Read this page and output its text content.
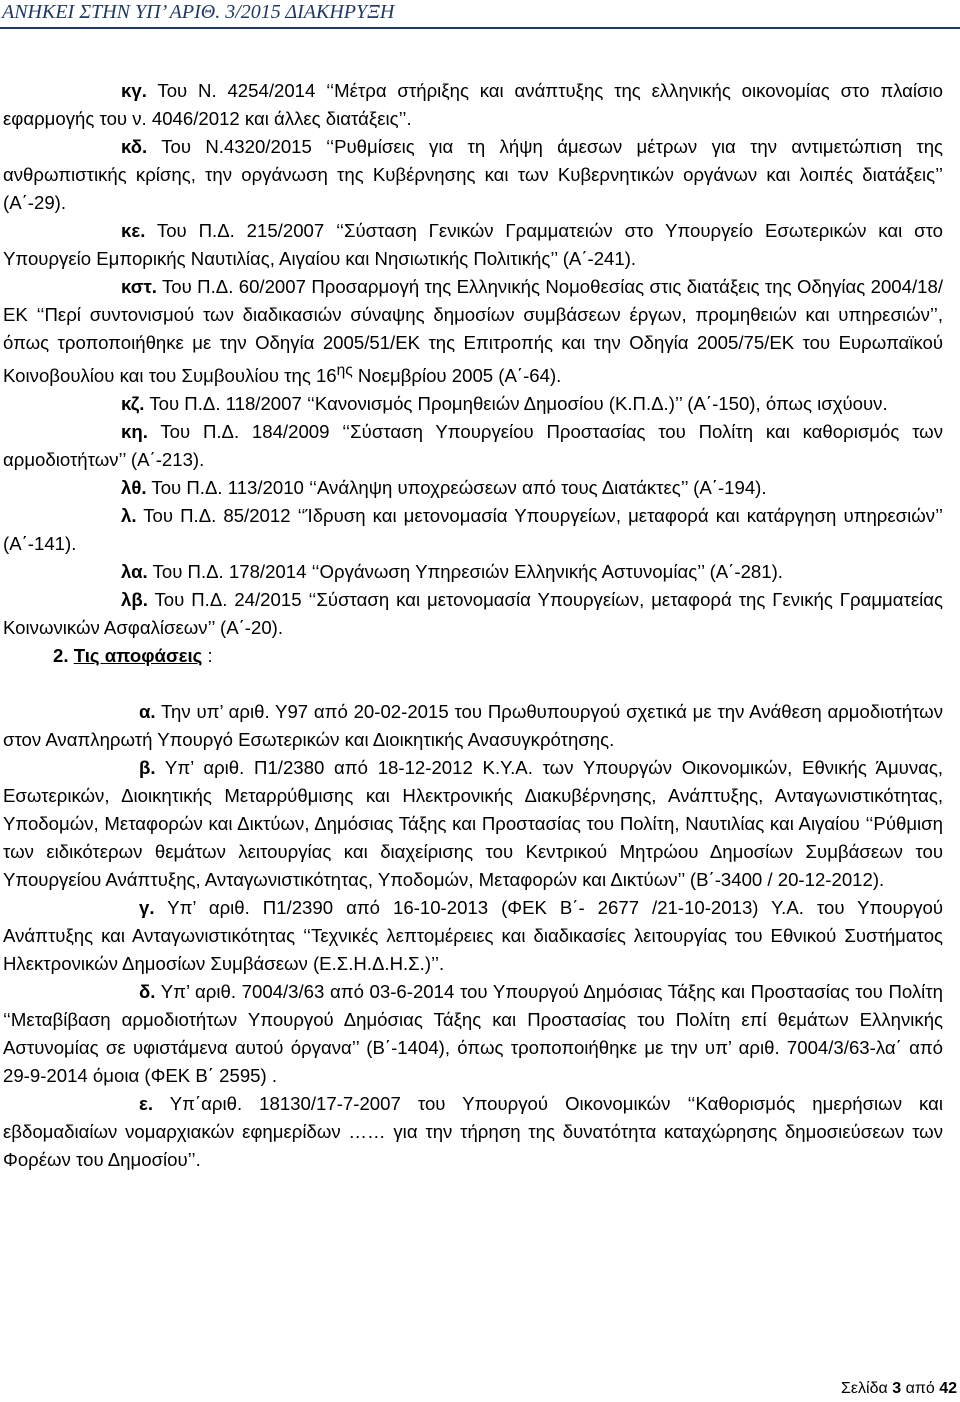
ΑΝΗΚΕΙ ΣΤΗΝ ΥΠ’ ΑΡΙΘ. 3/2015 ΔΙΑΚΗΡΥΞΗ

κγ. Του Ν. 4254/2014 ‘‘Μέτρα στήριξης και ανάπτυξης της ελληνικής οικονομίας στο πλαίσιο εφαρμογής του ν. 4046/2012 και άλλες διατάξεις’’.

κδ. Του Ν.4320/2015 ‘‘Ρυθμίσεις για τη λήψη άμεσων μέτρων για την αντιμετώπιση της ανθρωπιστικής κρίσης, την οργάνωση της Κυβέρνησης και των Κυβερνητικών οργάνων και λοιπές διατάξεις’’ (Α΄-29).

κε. Του Π.Δ. 215/2007 ‘‘Σύσταση Γενικών Γραμματειών στο Υπουργείο Εσωτερικών και στο Υπουργείο Εμπορικής Ναυτιλίας, Αιγαίου και Νησιωτικής Πολιτικής’’ (Α΄-241).

κστ. Του Π.Δ. 60/2007 Προσαρμογή της Ελληνικής Νομοθεσίας στις διατάξεις της Οδηγίας 2004/18/ΕΚ ‘‘Περί συντονισμού των διαδικασιών σύναψης δημοσίων συμβάσεων έργων, προμηθειών και υπηρεσιών’’, όπως τροποποιήθηκε με την Οδηγία 2005/51/ΕΚ της Επιτροπής και την Οδηγία 2005/75/ΕΚ του Ευρωπαϊκού Κοινοβουλίου και του Συμβουλίου της $16^{\eta\varsigma}$ Νοεμβρίου 2005 (Α΄-64).

κζ. Του Π.Δ. 118/2007 ‘‘Κανονισμός Προμηθειών Δημοσίου (Κ.Π.Δ.)’’ (Α΄-150), όπως ισχύουν.

κη. Του Π.Δ. 184/2009 ‘‘Σύσταση Υπουργείου Προστασίας του Πολίτη και καθορισμός των αρμοδιοτήτων’’ (Α΄-213).

λθ. Του Π.Δ. 113/2010 ‘‘Ανάληψη υποχρεώσεων από τους Διατάκτες’’ (Α΄-194).

λ. Του Π.Δ. 85/2012 ‘‘Ίδρυση και μετονομασία Υπουργείων, μεταφορά και κατάργηση υπηρεσιών’’ (Α΄-141).

λα. Του Π.Δ. 178/2014 ‘‘Οργάνωση Υπηρεσιών Ελληνικής Αστυνομίας’’ (Α΄-281).

λβ. Του Π.Δ. 24/2015 ‘‘Σύσταση και μετονομασία Υπουργείων, μεταφορά της Γενικής Γραμματείας Κοινωνικών Ασφαλίσεων’’ (Α΄-20).

2. Τις αποφάσεις :

α. Την υπ’ αριθ. Υ97 από 20-02-2015 του Πρωθυπουργού σχετικά με την Ανάθεση αρμοδιοτήτων στον Αναπληρωτή Υπουργό Εσωτερικών και Διοικητικής Ανασυγκρότησης.

β. Υπ’ αριθ. Π1/2380 από 18-12-2012 Κ.Υ.Α. των Υπουργών Οικονομικών, Εθνικής Άμυνας, Εσωτερικών, Διοικητικής Μεταρρύθμισης και Ηλεκτρονικής Διακυβέρνησης, Ανάπτυξης, Ανταγωνιστικότητας, Υποδομών, Μεταφορών και Δικτύων, Δημόσιας Τάξης και Προστασίας του Πολίτη, Ναυτιλίας και Αιγαίου ‘‘Ρύθμιση των ειδικότερων θεμάτων λειτουργίας και διαχείρισης του Κεντρικού Μητρώου Δημοσίων Συμβάσεων του Υπουργείου Ανάπτυξης, Ανταγωνιστικότητας, Υποδομών, Μεταφορών και Δικτύων’’ (Β΄-3400 / 20-12-2012).

γ. Υπ’ αριθ. Π1/2390 από 16-10-2013 (ΦΕΚ Β΄- 2677 /21-10-2013) Υ.Α. του Υπουργού Ανάπτυξης και Ανταγωνιστικότητας ‘‘Τεχνικές λεπτομέρειες και διαδικασίες λειτουργίας του Εθνικού Συστήματος Ηλεκτρονικών Δημοσίων Συμβάσεων (Ε.Σ.Η.Δ.Η.Σ.)’’.

δ. Υπ’ αριθ. 7004/3/63 από 03-6-2014 του Υπουργού Δημόσιας Τάξης και Προστασίας του Πολίτη ‘‘Μεταβίβαση αρμοδιοτήτων Υπουργού Δημόσιας Τάξης και Προστασίας του Πολίτη επί θεμάτων Ελληνικής Αστυνομίας σε υφιστάμενα αυτού όργανα’’ (Β΄-1404), όπως τροποποιήθηκε με την υπ’ αριθ. 7004/3/63-λα΄ από 29-9-2014 όμοια (ΦΕΚ Β΄ 2595) .

ε. Υπ΄αριθ. 18130/17-7-2007 του Υπουργού Οικονομικών ‘‘Καθορισμός ημερήσιων και εβδομαδιαίων νομαρχιακών εφημερίδων …… για την τήρηση της δυνατότητα καταχώρησης δημοσιεύσεων των Φορέων του Δημοσίου’’.

Σελίδα 3 από 42
